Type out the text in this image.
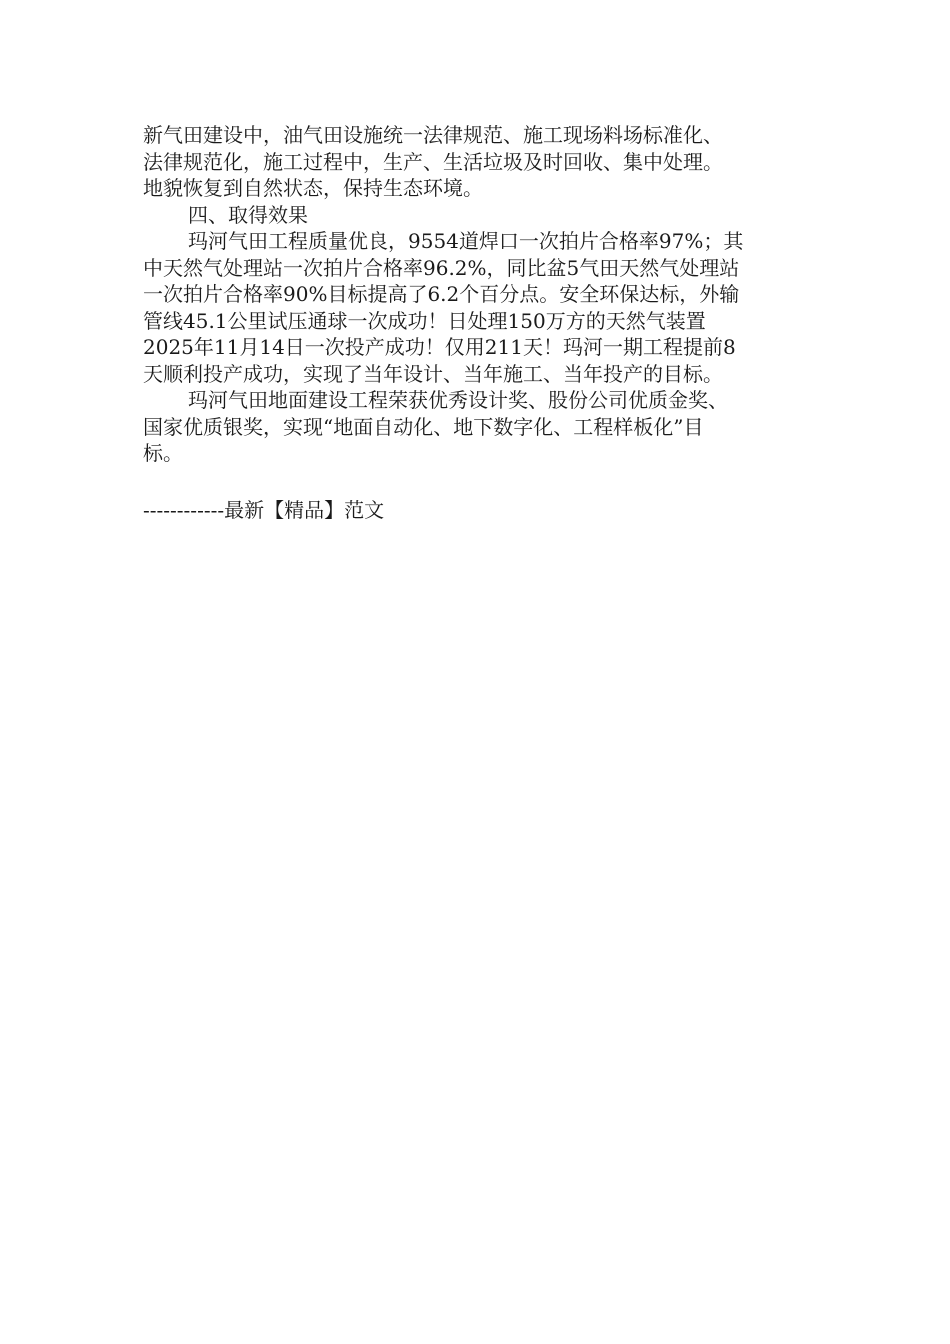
新气田建设中，油气田设施统一法律规范、施工现场料场标准化、
法律规范化，施工过程中，生产、生活垃圾及时回收、集中处理。
地貌恢复到自然状态，保持生态环境。
四、取得效果
玛河气田工程质量优良，9554道焊口一次拍片合格率97%；其
中天然气处理站一次拍片合格率96.2%，同比盆5气田天然气处理站
一次拍片合格率90%目标提高了6.2个百分点。安全环保达标，外输
管线45.1公里试压通球一次成功！日处理150万方的天然气装置
2025年11月14日一次投产成功！仅用211天！玛河一期工程提前8
天顺利投产成功，实现了当年设计、当年施工、当年投产的目标。
玛河气田地面建设工程荣获优秀设计奖、股份公司优质金奖、
国家优质银奖，实现“地面自动化、地下数字化、工程样板化”目
标。
------------最新【精品】范文
